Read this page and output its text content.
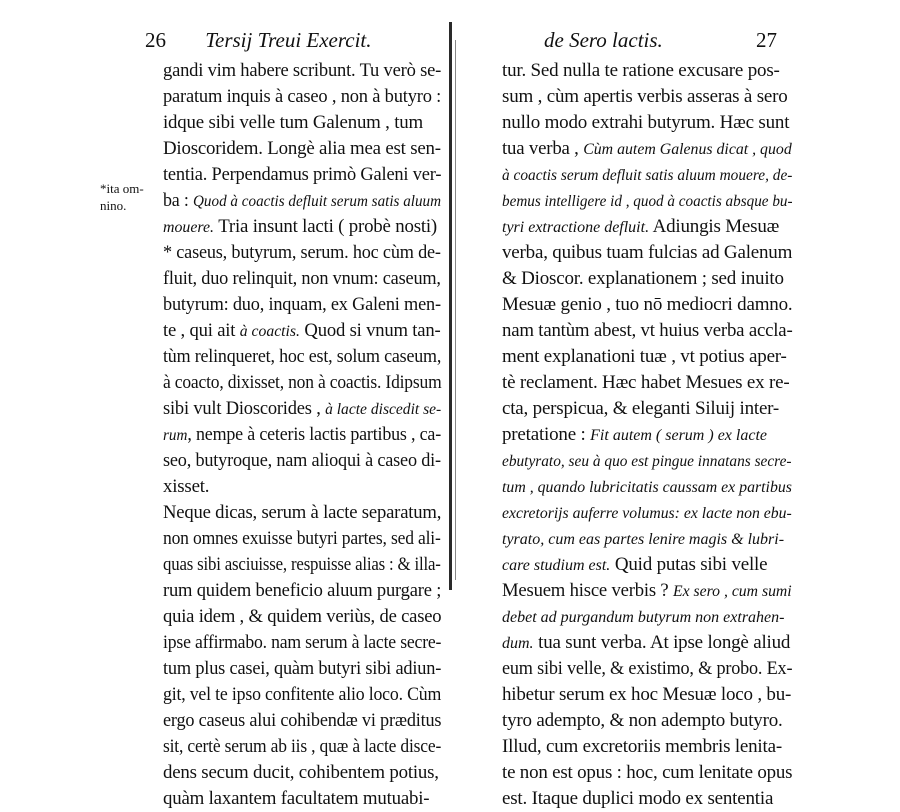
26 Tersij Treui Exercit.
*ita om-
nino.
gandi vim habere scribunt. Tu verò se-
paratum inquis à caseo , non à butyro :
idque sibi velle tum Galenum , tum
Dioscoridem. Longè alia mea est sen-
tentia. Perpendamus primò Galeni ver-
ba : Quod à coactis defluit serum satis aluum
mouere. Tria insunt lacti ( probè nosti)
* caseus, butyrum, serum. hoc cùm de-
fluit, duo relinquit, non vnum: caseum,
butyrum: duo, inquam, ex Galeni men-
te , qui ait à coactis. Quod si vnum tan-
tùm relinqueret, hoc est, solum caseum,
à coacto, dixisset, non à coactis. Idipsum
sibi vult Dioscorides , à lacte discedit se-
rum, nempe à ceteris lactis partibus , ca-
seo, butyroque, nam alioqui à caseo di-
xisset.
Neque dicas, serum à lacte separatum,
non omnes exuisse butyri partes, sed ali-
quas sibi asciuisse, respuisse alias : & illa-
rum quidem beneficio aluum purgare ;
quia idem , & quidem veriùs, de caseo
ipse affirmabo. nam serum à lacte secre-
tum plus casei, quàm butyri sibi adiun-
git, vel te ipso confitente alio loco. Cùm
ergo caseus alui cohibendæ vi præditus
sit, certè serum ab iis , quæ à lacte disce-
dens secum ducit, cohibentem potius,
quàm laxantem facultatem mutuabi-
de Sero lactis.	27
tur. Sed nulla te ratione excusare pos-
sum , cùm apertis verbis asseras à sero
nullo modo extrahi butyrum. Hæc sunt
tua verba , Cùm autem Galenus dicat , quod
à coactis serum defluit satis aluum mouere, de-
bemus intelligere id , quod à coactis absque bu-
tyri extractione defluit. Adiungis Mesuæ
verba, quibus tuam fulcias ad Galenum
& Dioscor. explanationem ; sed inuito
Mesuæ genio , tuo nō mediocri damno.
nam tantùm abest, vt huius verba accla-
ment explanationi tuæ , vt potius aper-
tè reclament. Hæc habet Mesues ex re-
cta, perspicua, & eleganti Siluij inter-
pretatione : Fit autem ( serum ) ex lacte
ebutyrato, seu à quo est pingue innatans secre-
tum , quando lubricitatis caussam ex partibus
excretorijs auferre volumus: ex lacte non ebu-
tyrato, cum eas partes lenire magis & lubri-
care studium est. Quid putas sibi velle
Mesuem hisce verbis ? Ex sero , cum sumi
debet ad purgandum butyrum non extrahen-
dum. tua sunt verba. At ipse longè aliud
eum sibi velle, & existimo, & probo. Ex-
hibetur serum ex hoc Mesuæ loco , bu-
tyro adempto, & non adempto butyro.
Illud, cum excretoriis membris lenita-
te non est opus : hoc, cum lenitate opus
est. Itaque duplici modo ex sententia
